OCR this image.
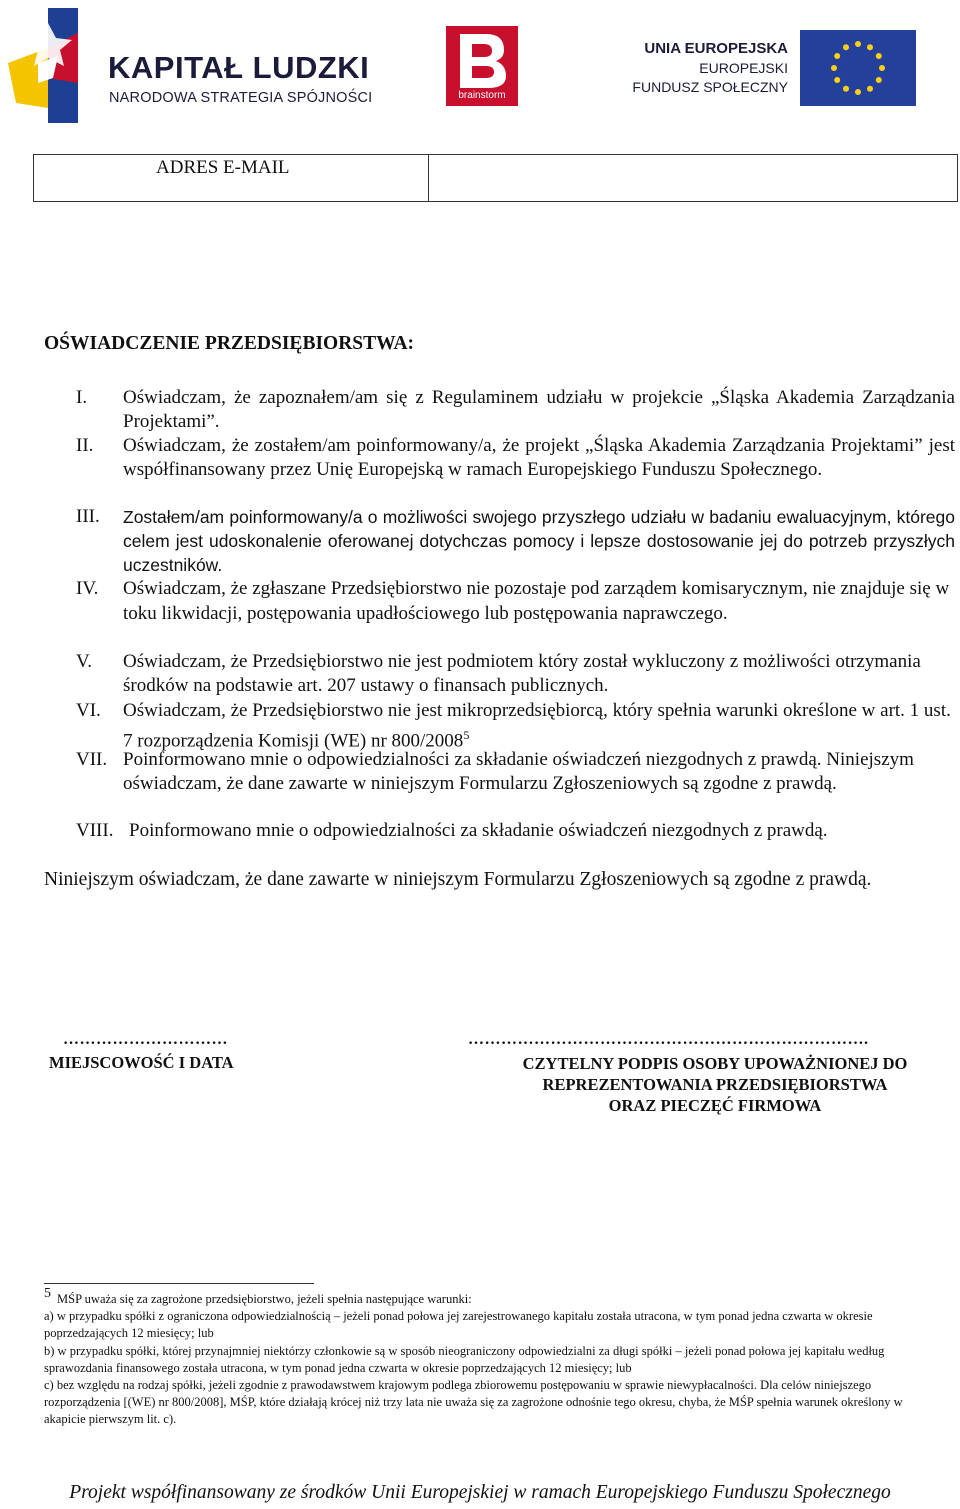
KAPITAŁ LUDZKI
NARODOWA STRATEGIA SPÓJNOŚCI	brainstorm
UNIA EUROPEJSKA
EUROPEJSKI
FUNDUSZ SPOŁECZNY
ADRES E-MAIL
OŚWIADCZENIE PRZEDSIĘBIORSTWA:
I.	Oświadczam, że zapoznałem/am się z Regulaminem udziału w projekcie „Śląska Akademia Zarządzania Projektami”.
II.	Oświadczam, że zostałem/am poinformowany/a, że projekt „Śląska Akademia Zarządzania Projektami” jest współfinansowany przez Unię Europejską w ramach Europejskiego Funduszu Społecznego.
III.	Zostałem/am poinformowany/a o możliwości swojego przyszłego udziału w badaniu ewaluacyjnym, którego celem jest udoskonalenie oferowanej dotychczas pomocy i lepsze dostosowanie jej do potrzeb przyszłych uczestników.
IV.	Oświadczam, że zgłaszane Przedsiębiorstwo nie pozostaje pod zarządem komisarycznym, nie znajduje się w toku likwidacji, postępowania upadłościowego lub postępowania naprawczego.
V.	Oświadczam, że Przedsiębiorstwo nie jest podmiotem który został wykluczony z możliwości otrzymania środków na podstawie art. 207 ustawy o finansach publicznych.
VI.	Oświadczam, że Przedsiębiorstwo nie jest mikroprzedsiębiorcą, który spełnia warunki określone w art. 1 ust. 7 rozporządzenia Komisji (WE) nr 800/2008$^5$
VII. Poinformowano mnie o odpowiedzialności za składanie oświadczeń niezgodnych z prawdą. Niniejszym oświadczam, że dane zawarte w niniejszym Formularzu Zgłoszeniowych są zgodne z prawdą.
VIII. Poinformowano mnie o odpowiedzialności za składanie oświadczeń niezgodnych z prawdą.
Niniejszym oświadczam, że dane zawarte w niniejszym Formularzu Zgłoszeniowych są zgodne z prawdą.
…………………………	……………………………………………………………….
MIEJSCOWOŚĆ I DATA	CZYTELNY PODPIS OSOBY UPOWAŻNIONEJ DO
REPREZENTOWANIA PRZEDSIĘBIORSTWA
ORAZ PIECZĘĆ FIRMOWA
5 MŚP uważa się za zagrożone przedsiębiorstwo, jeżeli spełnia następujące warunki:
a) w przypadku spółki z ograniczona odpowiedzialnością – jeżeli ponad połowa jej zarejestrowanego kapitału została utracona, w tym ponad jedna czwarta w okresie poprzedzających 12 miesięcy; lub
b) w przypadku spółki, której przynajmniej niektórzy członkowie są w sposób nieograniczony odpowiedzialni za długi spółki – jeżeli ponad połowa jej kapitału według sprawozdania finansowego została utracona, w tym ponad jedna czwarta w okresie poprzedzających 12 miesięcy; lub
c) bez względu na rodzaj spółki, jeżeli zgodnie z prawodawstwem krajowym podlega zbiorowemu postępowaniu w sprawie niewypłacalności. Dla celów niniejszego rozporządzenia [(WE) nr 800/2008], MŚP, które działają krócej niż trzy lata nie uważa się za zagrożone odnośnie tego okresu, chyba, że MŚP spełnia warunek określony w akapicie pierwszym lit. c).
Projekt współfinansowany ze środków Unii Europejskiej w ramach Europejskiego Funduszu Społecznego
